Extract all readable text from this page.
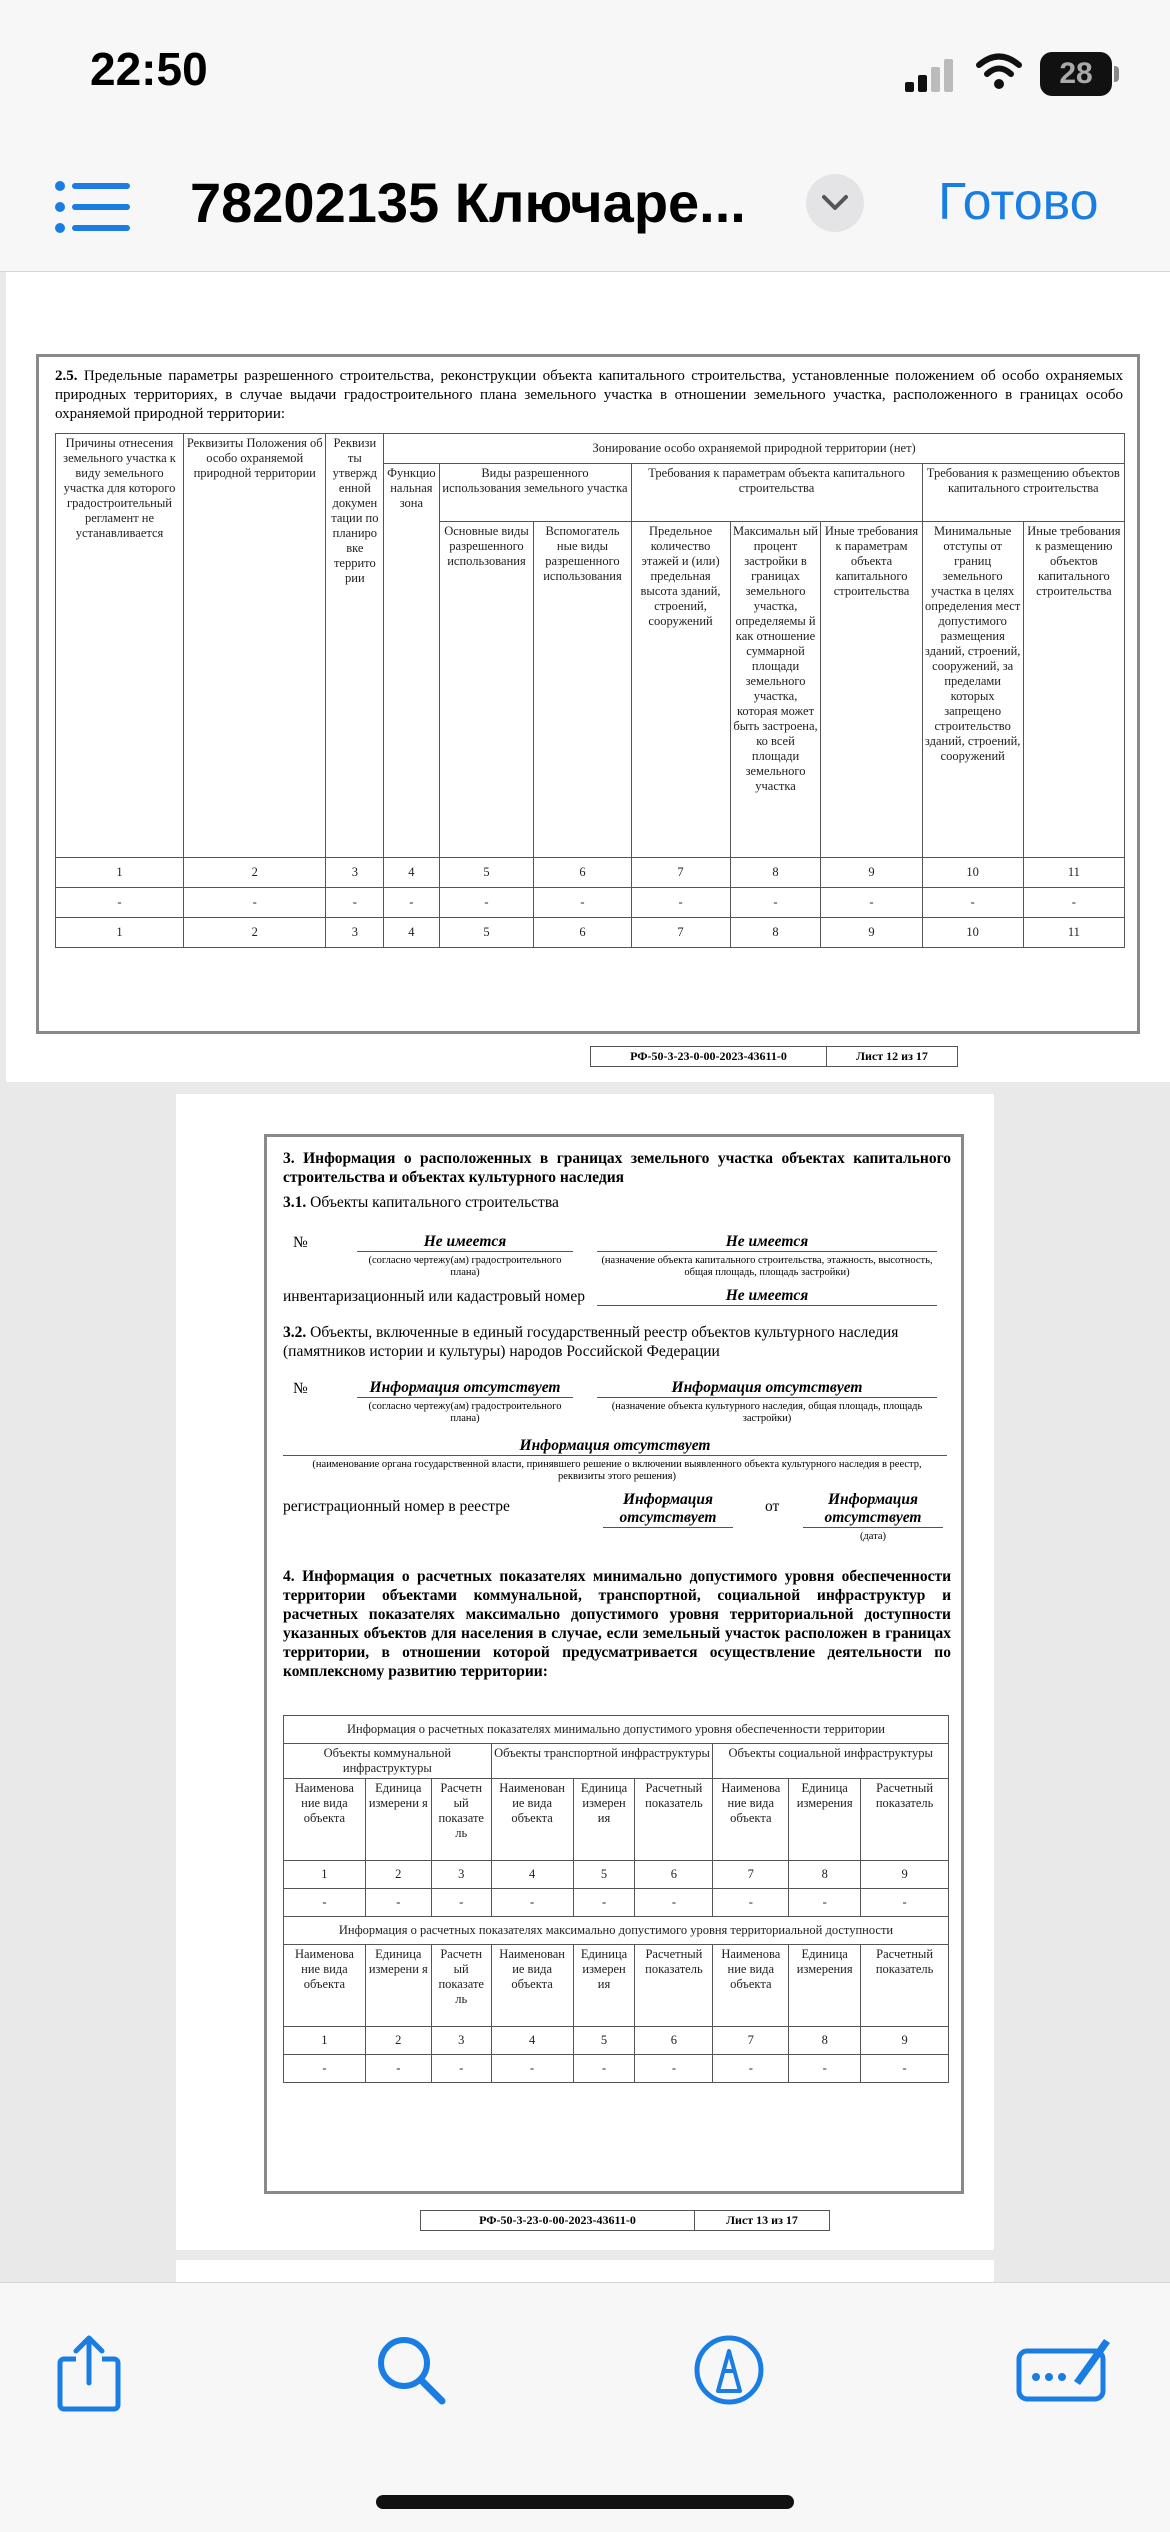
22:50	28
78202135 Ключаре...	Готово
2.5. Предельные параметры разрешенного строительства, реконструкции объекта капитального строительства, установленные положением об особо охраняемых природных территориях, в случае выдачи градостроительного плана земельного участка в отношении земельного участка, расположенного в границах особо охраняемой природной территории:
Причины отнесения земельного участка к виду земельного участка для которого градостроительный регламент не устанавливается	Реквизиты Положения об особо охраняемой природной территории	Реквизи ты утвержд енной докумен тации по планиро вке террито рии	Зонирование особо охраняемой природной территории (нет)							
			Функцио нальная зона	Виды разрешенного использования земельного участка		Требования к параметрам объекта капитального строительства			Требования к размещению объектов капитального строительства	
				Основные виды разрешенного использования	Вспомогатель ные виды разрешенного использования	Предельное количество этажей и (или) предельная высота зданий, строений, сооружений	Максимальн ый процент застройки в границах земельного участка, определяемы й как отношение суммарной площади земельного участка, которая может быть застроена, ко всей площади земельного участка	Иные требования к параметрам объекта капитального строительства	Минимальные отступы от границ земельного участка в целях определения мест допустимого размещения зданий, строений, сооружений, за пределами которых запрещено строительство зданий, строений, сооружений	Иные требования к размещению объектов капитального строительства
1	2	3	4	5	6	7	8	9	10	11
-	-	-	-	-	-	-	-	-	-	-
1	2	3	4	5	6	7	8	9	10	11
РФ-50-3-23-0-00-2023-43611-0	Лист 12 из 17
3. Информация о расположенных в границах земельного участка объектах капитального строительства и объектах культурного наследия
3.1. Объекты капитального строительства
№	Не имеется	Не имеется
(согласно чертежу(ам) градостроительного плана)
(назначение объекта капитального строительства, этажность, высотность, общая площадь, площадь застройки)
инвентаризационный или кадастровый номер	Не имеется
3.2. Объекты, включенные в единый государственный реестр объектов культурного наследия (памятников истории и культуры) народов Российской Федерации
№	Информация отсутствует	Информация отсутствует
(согласно чертежу(ам) градостроительного плана)
(назначение объекта культурного наследия, общая площадь, площадь застройки)
Информация отсутствует
(наименование органа государственной власти, принявшего решение о включении выявленного объекта культурного наследия в реестр, реквизиты этого решения)
регистрационный номер в реестре	Информация
отсутствует
от	Информация
отсутствует
(дата)
4. Информация о расчетных показателях минимально допустимого уровня обеспеченности территории объектами коммунальной, транспортной, социальной инфраструктур и расчетных показателях максимально допустимого уровня территориальной доступности указанных объектов для населения в случае, если земельный участок расположен в границах территории, в отношении которой предусматривается осуществление деятельности по комплексному развитию территории:
Информация о расчетных показателях минимально допустимого уровня обеспеченности территории								
Объекты коммунальной инфраструктуры			Объекты транспортной инфраструктуры			Объекты социальной инфраструктуры		
Наименова ние вида объекта	Единица измерени я	Расчетн ый показате ль	Наименован ие вида объекта	Единица измерен ия	Расчетный показатель	Наименова ние вида объекта	Единица измерения	Расчетный показатель
1	2	3	4	5	6	7	8	9
-	-	-	-	-	-	-	-	-
Информация о расчетных показателях максимально допустимого уровня территориальной доступности								
Наименова ние вида объекта	Единица измерени я	Расчетн ый показате ль	Наименован ие вида объекта	Единица измерен ия	Расчетный показатель	Наименова ние вида объекта	Единица измерения	Расчетный показатель
1	2	3	4	5	6	7	8	9
-	-	-	-	-	-	-	-	-
РФ-50-3-23-0-00-2023-43611-0	Лист 13 из 17
